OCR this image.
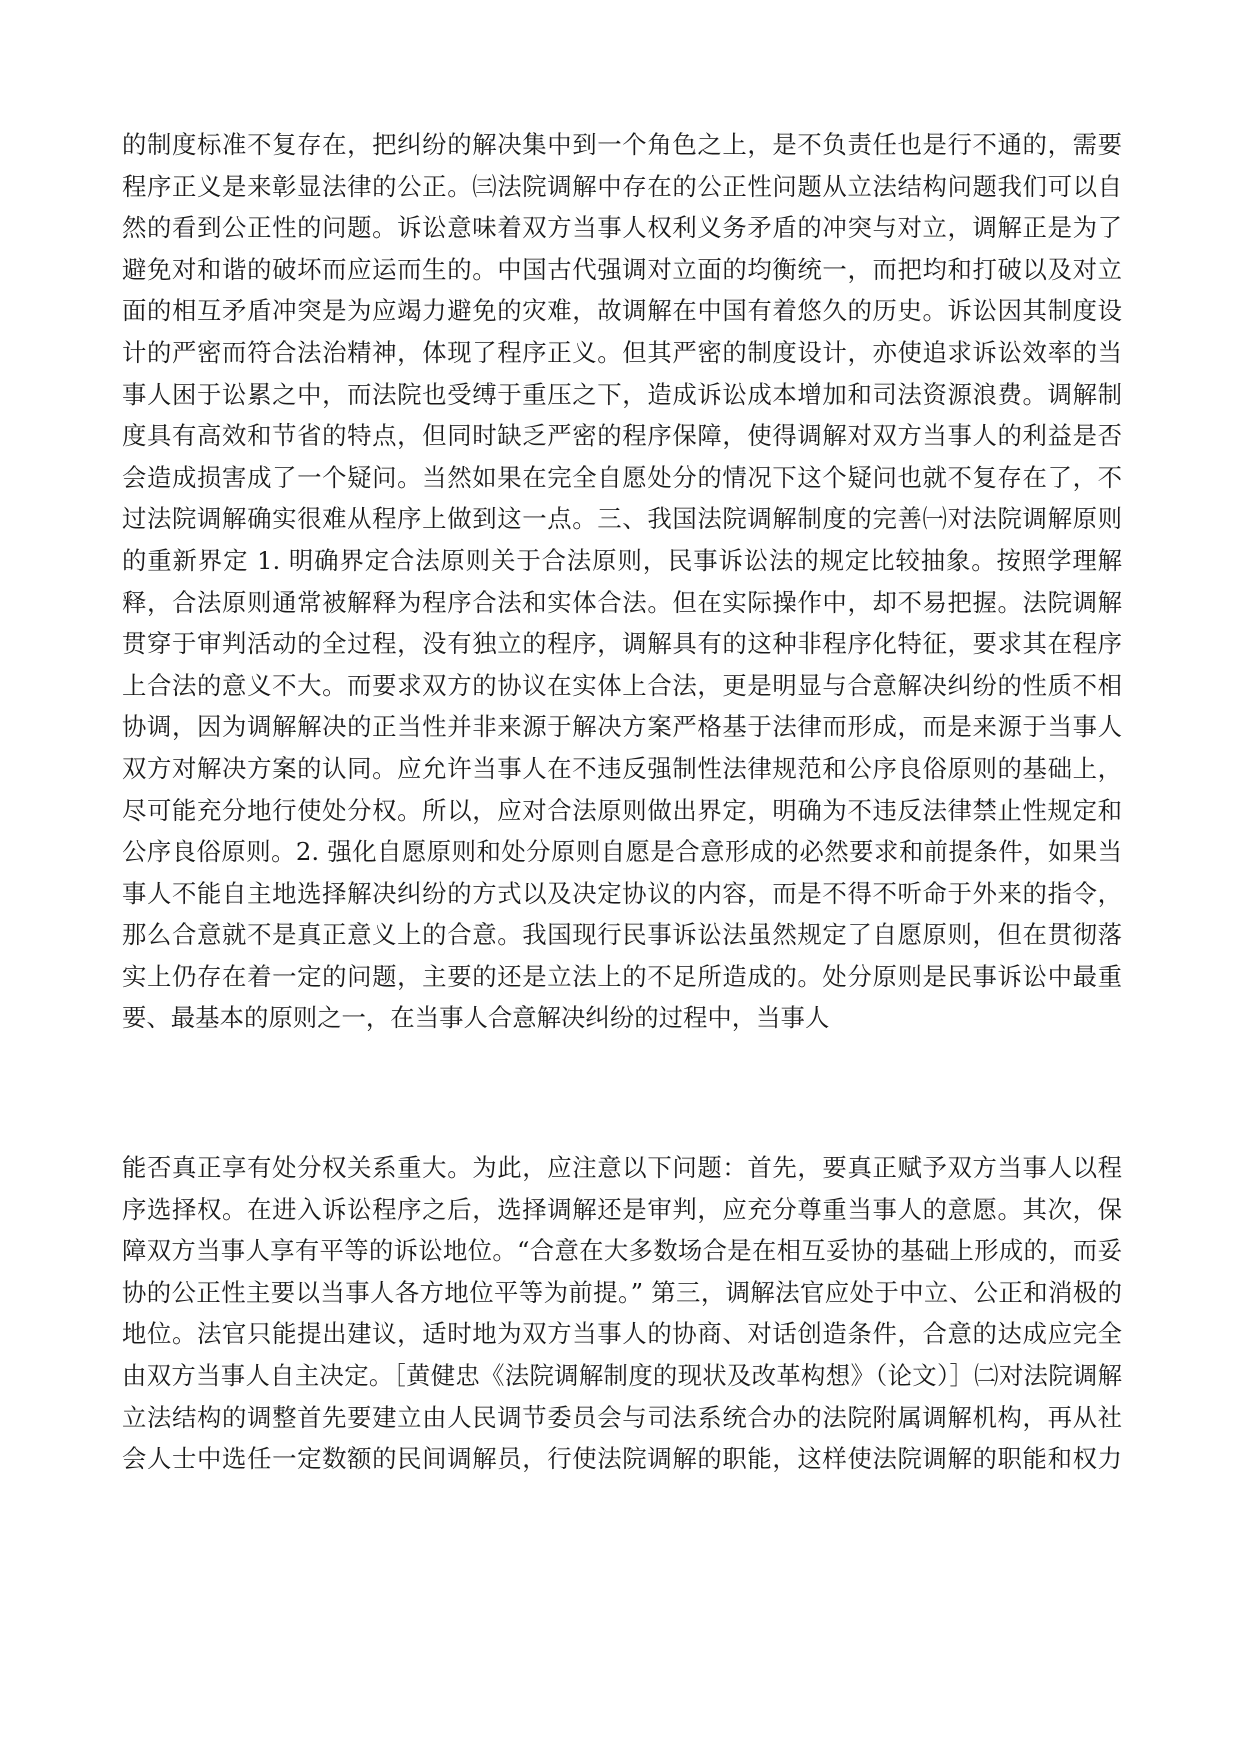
的制度标准不复存在，把纠纷的解决集中到一个角色之上，是不负责任也是行不通的，需要
程序正义是来彰显法律的公正。㈢法院调解中存在的公正性问题从立法结构问题我们可以自
然的看到公正性的问题。诉讼意味着双方当事人权利义务矛盾的冲突与对立，调解正是为了
避免对和谐的破坏而应运而生的。中国古代强调对立面的均衡统一，而把均和打破以及对立
面的相互矛盾冲突是为应竭力避免的灾难，故调解在中国有着悠久的历史。诉讼因其制度设
计的严密而符合法治精神，体现了程序正义。但其严密的制度设计，亦使追求诉讼效率的当
事人困于讼累之中，而法院也受缚于重压之下，造成诉讼成本增加和司法资源浪费。调解制
度具有高效和节省的特点，但同时缺乏严密的程序保障，使得调解对双方当事人的利益是否
会造成损害成了一个疑问。当然如果在完全自愿处分的情况下这个疑问也就不复存在了，不
过法院调解确实很难从程序上做到这一点。三、我国法院调解制度的完善㈠对法院调解原则
的重新界定 1. 明确界定合法原则关于合法原则，民事诉讼法的规定比较抽象。按照学理解
释，合法原则通常被解释为程序合法和实体合法。但在实际操作中，却不易把握。法院调解
贯穿于审判活动的全过程，没有独立的程序，调解具有的这种非程序化特征，要求其在程序
上合法的意义不大。而要求双方的协议在实体上合法，更是明显与合意解决纠纷的性质不相
协调，因为调解解决的正当性并非来源于解决方案严格基于法律而形成，而是来源于当事人
双方对解决方案的认同。应允许当事人在不违反强制性法律规范和公序良俗原则的基础上，
尽可能充分地行使处分权。所以，应对合法原则做出界定，明确为不违反法律禁止性规定和
公序良俗原则。2. 强化自愿原则和处分原则自愿是合意形成的必然要求和前提条件，如果当
事人不能自主地选择解决纠纷的方式以及决定协议的内容，而是不得不听命于外来的指令，
那么合意就不是真正意义上的合意。我国现行民事诉讼法虽然规定了自愿原则，但在贯彻落
实上仍存在着一定的问题，主要的还是立法上的不足所造成的。处分原则是民事诉讼中最重
要、最基本的原则之一，在当事人合意解决纠纷的过程中，当事人
能否真正享有处分权关系重大。为此，应注意以下问题：首先，要真正赋予双方当事人以程
序选择权。在进入诉讼程序之后，选择调解还是审判，应充分尊重当事人的意愿。其次，保
障双方当事人享有平等的诉讼地位。“合意在大多数场合是在相互妥协的基础上形成的，而妥
协的公正性主要以当事人各方地位平等为前提。” 第三，调解法官应处于中立、公正和消极的
地位。法官只能提出建议，适时地为双方当事人的协商、对话创造条件，合意的达成应完全
由双方当事人自主决定。［黄健忠《法院调解制度的现状及改革构想》（论文）］㈡对法院调解
立法结构的调整首先要建立由人民调节委员会与司法系统合办的法院附属调解机构，再从社
会人士中选任一定数额的民间调解员，行使法院调解的职能，这样使法院调解的职能和权力
